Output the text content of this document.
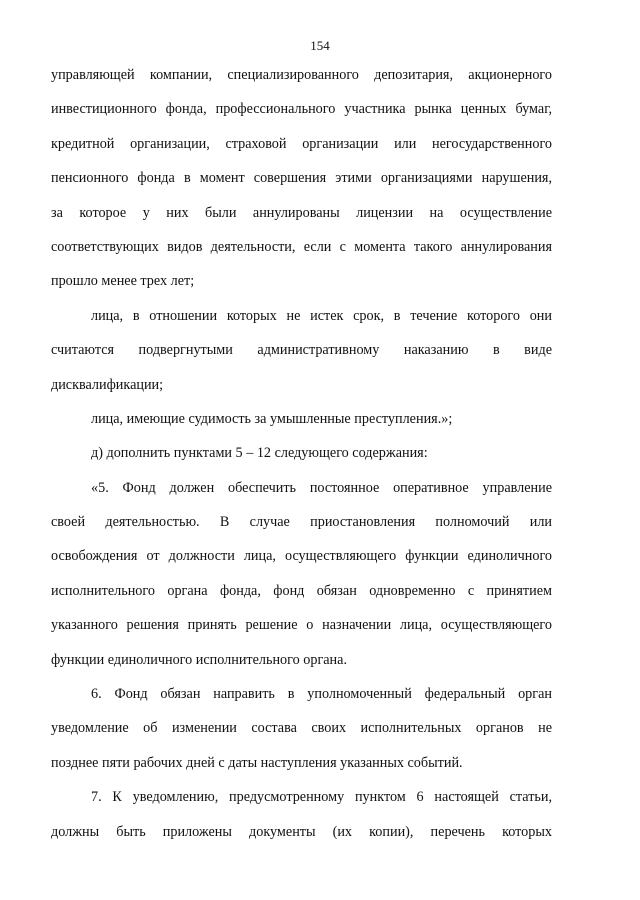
154
управляющей компании, специализированного депозитария, акционерного
инвестиционного фонда, профессионального участника рынка ценных бумаг,
кредитной организации, страховой организации или негосударственного
пенсионного фонда в момент совершения этими организациями нарушения,
за которое у них были аннулированы лицензии на осуществление
соответствующих видов деятельности, если с момента такого аннулирования
прошло менее трех лет;
лица, в отношении которых не истек срок, в течение которого они
считаются подвергнутыми административному наказанию в виде
дисквалификации;
лица, имеющие судимость за умышленные преступления.»;
д) дополнить пунктами 5 – 12 следующего содержания:
«5. Фонд должен обеспечить постоянное оперативное управление
своей деятельностью. В случае приостановления полномочий или
освобождения от должности лица, осуществляющего функции единоличного
исполнительного органа фонда, фонд обязан одновременно с принятием
указанного решения принять решение о назначении лица, осуществляющего
функции единоличного исполнительного органа.
6. Фонд обязан направить в уполномоченный федеральный орган
уведомление об изменении состава своих исполнительных органов не
позднее пяти рабочих дней с даты наступления указанных событий.
7. К уведомлению, предусмотренному пунктом 6 настоящей статьи,
должны быть приложены документы (их копии), перечень которых
